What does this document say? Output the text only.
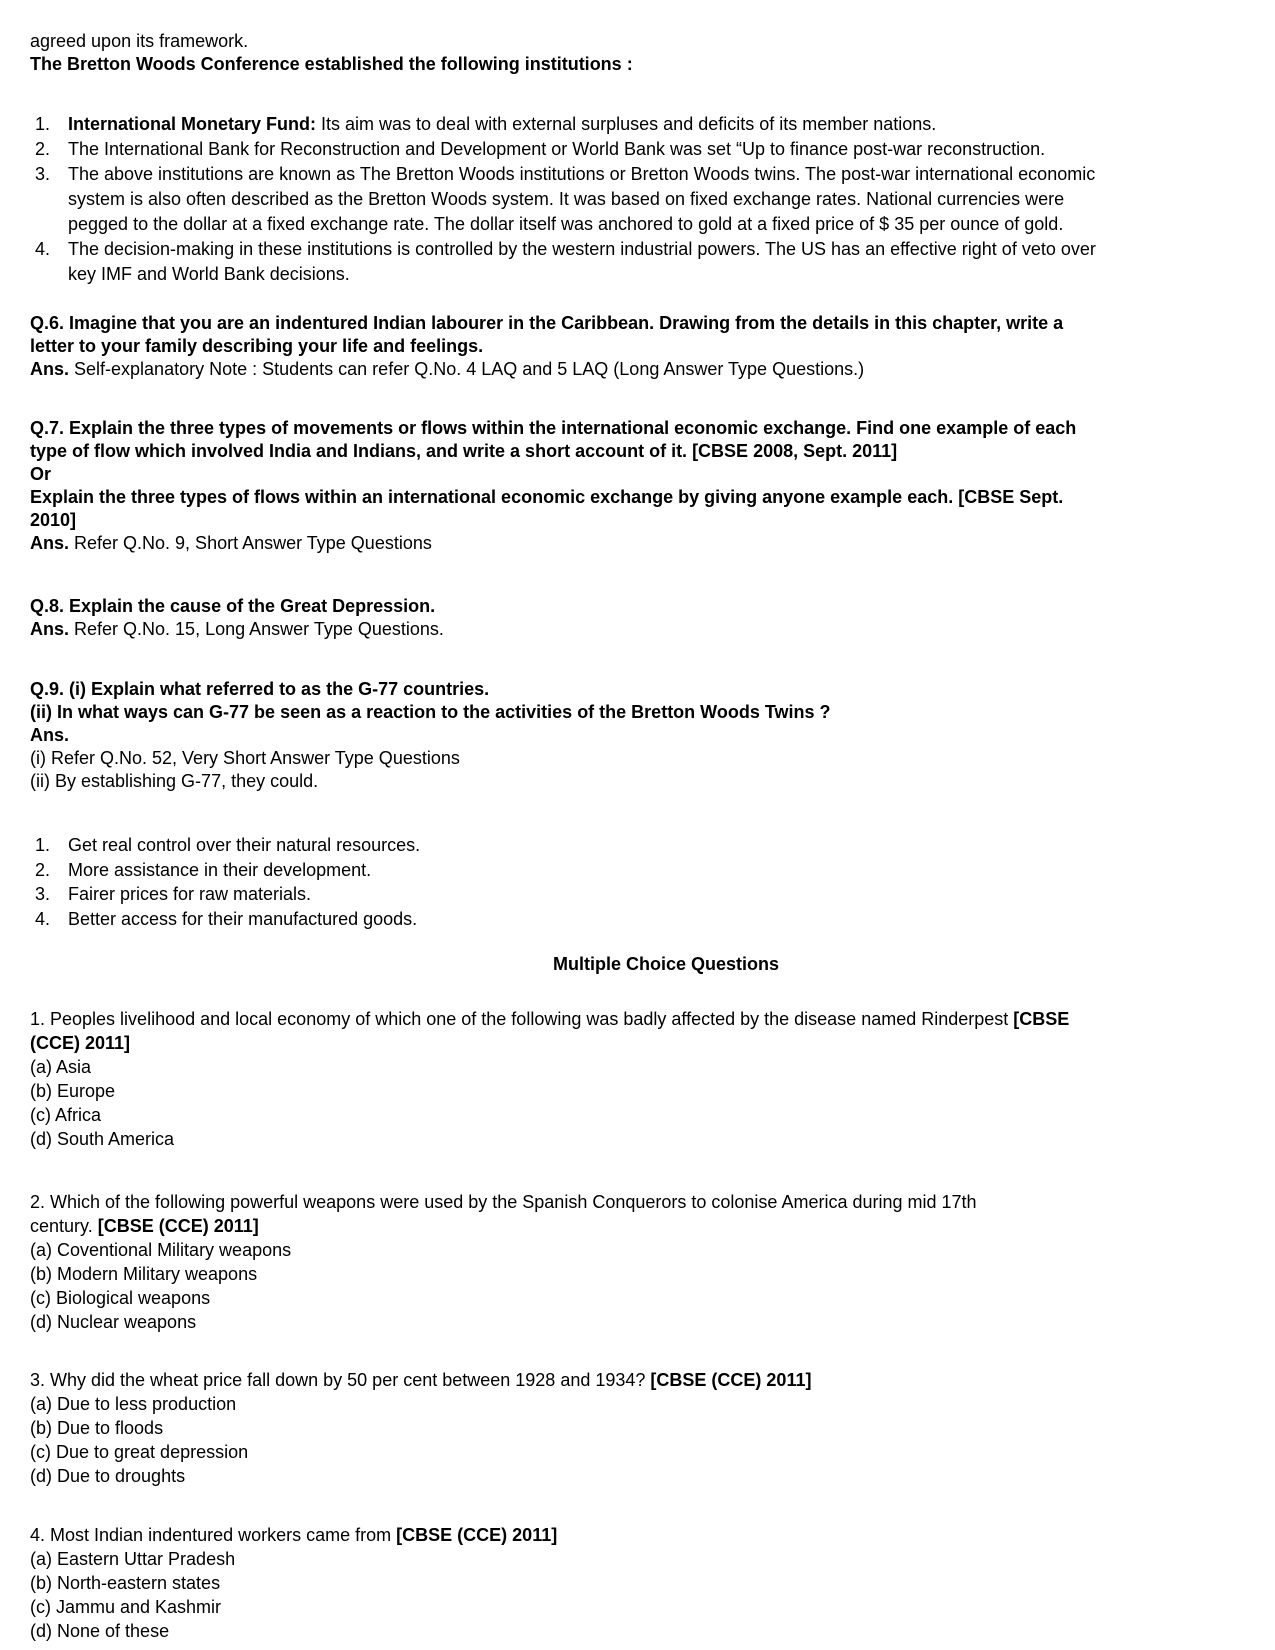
agreed upon its framework.
The Bretton Woods Conference established the following institutions :
1. International Monetary Fund: Its aim was to deal with external surpluses and deficits of its member nations.
2. The International Bank for Reconstruction and Development or World Bank was set “Up to finance post-war reconstruction.
3. The above institutions are known as The Bretton Woods institutions or Bretton Woods twins. The post-war international economic
system is also often described as the Bretton Woods system. It was based on fixed exchange rates. National currencies were
pegged to the dollar at a fixed exchange rate. The dollar itself was anchored to gold at a fixed price of $ 35 per ounce of gold.
4. The decision-making in these institutions is controlled by the western industrial powers. The US has an effective right of veto over
key IMF and World Bank decisions.
Q.6. Imagine that you are an indentured Indian labourer in the Caribbean. Drawing from the details in this chapter, write a
letter to your family describing your life and feelings.
Ans. Self-explanatory Note : Students can refer Q.No. 4 LAQ and 5 LAQ (Long Answer Type Questions.)
Q.7. Explain the three types of movements or flows within the international economic exchange. Find one example of each
type of flow which involved India and Indians, and write a short account of it. [CBSE 2008, Sept. 2011]
Or
Explain the three types of flows within an international economic exchange by giving anyone example each. [CBSE Sept.
2010]
Ans. Refer Q.No. 9, Short Answer Type Questions
Q.8. Explain the cause of the Great Depression.
Ans. Refer Q.No. 15, Long Answer Type Questions.
Q.9. (i) Explain what referred to as the G-77 countries.
(ii) In what ways can G-77 be seen as a reaction to the activities of the Bretton Woods Twins ?
Ans.
(i) Refer Q.No. 52, Very Short Answer Type Questions
(ii) By establishing G-77, they could.
1. Get real control over their natural resources.
2. More assistance in their development.
3. Fairer prices for raw materials.
4. Better access for their manufactured goods.
Multiple Choice Questions
1. Peoples livelihood and local economy of which one of the following was badly affected by the disease named Rinderpest [CBSE
(CCE) 2011]
(a) Asia
(b) Europe
(c) Africa
(d) South America
2. Which of the following powerful weapons were used by the Spanish Conquerors to colonise America during mid 17th
century. [CBSE (CCE) 2011]
(a) Coventional Military weapons
(b) Modern Military weapons
(c) Biological weapons
(d) Nuclear weapons
3. Why did the wheat price fall down by 50 per cent between 1928 and 1934? [CBSE (CCE) 2011]
(a) Due to less production
(b) Due to floods
(c) Due to great depression
(d) Due to droughts
4. Most Indian indentured workers came from [CBSE (CCE) 2011]
(a) Eastern Uttar Pradesh
(b) North-eastern states
(c) Jammu and Kashmir
(d) None of these
